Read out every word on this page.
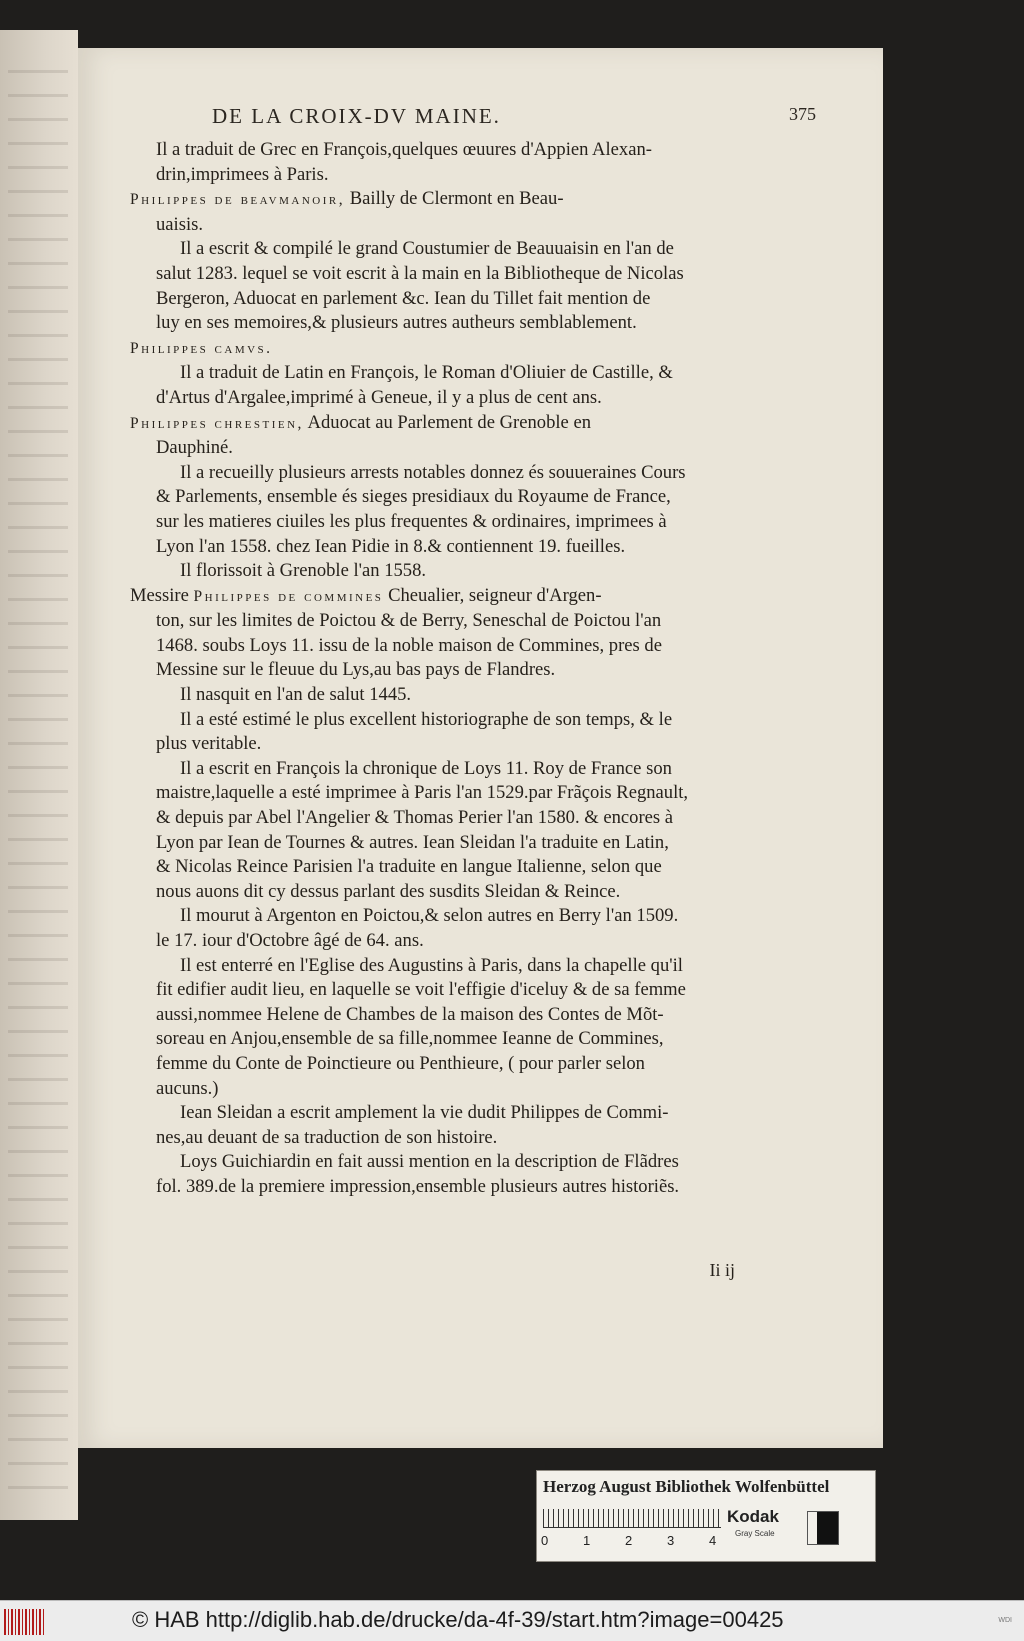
DE LA CROIX-DV MAINE.	375
Il a traduit de Grec en François,quelques œuures d'Appien Alexan-
drin,imprimees à Paris.
Philippes de beavmanoir, Bailly de Clermont en Beau-
uaisis.
Il a escrit & compilé le grand Coustumier de Beauuaisin en l'an de
salut 1283. lequel se voit escrit à la main en la Bibliotheque de Nicolas
Bergeron, Aduocat en parlement &c. Iean du Tillet fait mention de
luy en ses memoires,& plusieurs autres autheurs semblablement.
Philippes camvs.
Il a traduit de Latin en François, le Roman d'Oliuier de Castille, &
d'Artus d'Argalee,imprimé à Geneue, il y a plus de cent ans.
Philippes chrestien, Aduocat au Parlement de Grenoble en
Dauphiné.
Il a recueilly plusieurs arrests notables donnez és souueraines Cours
& Parlements, ensemble és sieges presidiaux du Royaume de France,
sur les matieres ciuiles les plus frequentes & ordinaires, imprimees à
Lyon l'an 1558. chez Iean Pidie in 8.& contiennent 19. fueilles.
Il florissoit à Grenoble l'an 1558.
Messire Philippes de commines Cheualier, seigneur d'Argen-
ton, sur les limites de Poictou & de Berry, Seneschal de Poictou l'an
1468. soubs Loys 11. issu de la noble maison de Commines, pres de
Messine sur le fleuue du Lys,au bas pays de Flandres.
Il nasquit en l'an de salut 1445.
Il a esté estimé le plus excellent historiographe de son temps, & le
plus veritable.
Il a escrit en François la chronique de Loys 11. Roy de France son
maistre,laquelle a esté imprimee à Paris l'an 1529.par Frãçois Regnault,
& depuis par Abel l'Angelier & Thomas Perier l'an 1580. & encores à
Lyon par Iean de Tournes & autres. Iean Sleidan l'a traduite en Latin,
& Nicolas Reince Parisien l'a traduite en langue Italienne, selon que
nous auons dit cy dessus parlant des susdits Sleidan & Reince.
Il mourut à Argenton en Poictou,& selon autres en Berry l'an 1509.
le 17. iour d'Octobre âgé de 64. ans.
Il est enterré en l'Eglise des Augustins à Paris, dans la chapelle qu'il
fit edifier audit lieu, en laquelle se voit l'effigie d'iceluy & de sa femme
aussi,nommee Helene de Chambes de la maison des Contes de Mõt-
soreau en Anjou,ensemble de sa fille,nommee Ieanne de Commines,
femme du Conte de Poinctieure ou Penthieure, ( pour parler selon
aucuns.)
Iean Sleidan a escrit amplement la vie dudit Philippes de Commi-
nes,au deuant de sa traduction de son histoire.
Loys Guichiardin en fait aussi mention en la description de Flãdres
fol. 389.de la premiere impression,ensemble plusieurs autres historiẽs.
Ii ij
Herzog August Bibliothek Wolfenbüttel
0	1	2	3	4
Kodak
Gray Scale
© HAB http://diglib.hab.de/drucke/da-4f-39/start.htm?image=00425	WDI
